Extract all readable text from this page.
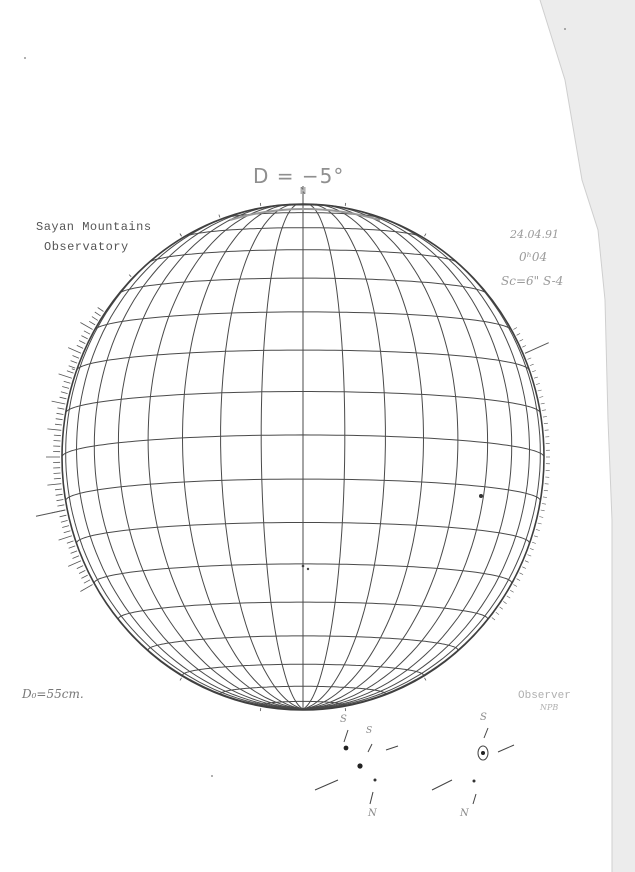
D = −5°
N
Sayan Mountains
Observatory
24.04.91
0ʰ04
Sc=6" S-4
D₀=55cm.	Observer
NPB
S
S
N
S
N
